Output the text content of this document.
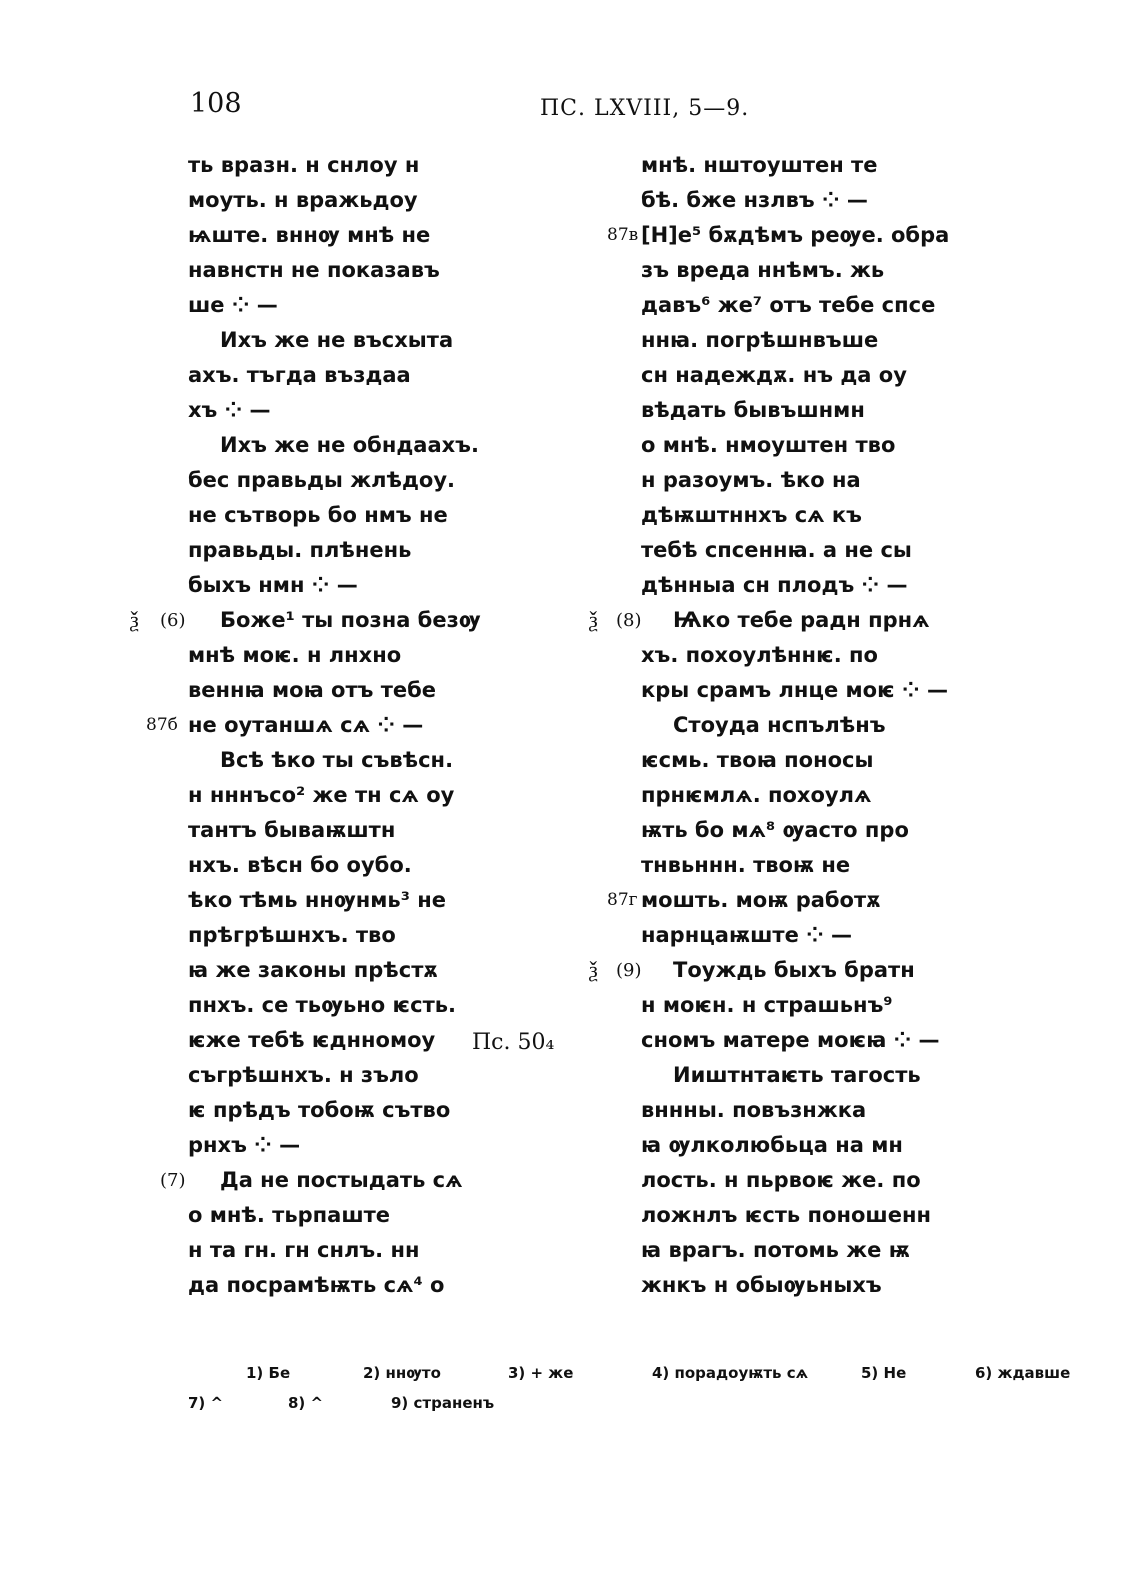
108	ПС. LXVIII, 5—9.
ть вразн. н снлоу н
моуть. н вражьдоу
ѩште. вннѹ мнѣ не
навнстн не показавъ
ше ⁘ —
Ихъ же не въсхыта
ахъ. тъгда въздаа
хъ ⁘ —
Ихъ же не обндаахъ.
бес правьды жлѣдоу.
не сътворь бо нмъ не
правьды. плѣнень
быхъ нмн ⁘ —
Боже¹ ты позна безѹ
ѯ (6)
мнѣ моѥ. н лнхно
веннꙗ моꙗ отъ тебе
не оутаншѧ сѧ ⁘ —
87б
Всѣ ѣко ты съвѣсн.
н нннъсо² же тн сѧ оу
тантъ бываѭштн
нхъ. вѣсн бо оубо.
ѣко тѣмь ннѹнмь³ не
прѣгрѣшнхъ. тво
ꙗ же законы прѣстѫ
пнхъ. се тьѹьно ѥсть.
ѥже тебѣ ѥднномоу
съгрѣшнхъ. н зъло
ѥ прѣдъ тобоѭ сътво
рнхъ ⁘ —
Да не постыдать сѧ
(7)
о мнѣ. тьрпаште
н та гн. гн снлъ. нн
да посрамѣѭть сѧ⁴ о
мнѣ. нштоуштен те
бѣ. бже нзлвъ ⁘ —
[Н]е⁵ бѫдѣмъ реѹе. обра
87в
зъ вреда ннѣмъ. жь
давъ⁶ же⁷ отъ тебе спсе
ннꙗ. погрѣшнвъше
сн надеждѫ. нъ да оу
вѣдать бывъшнмн
о мнѣ. нмоуштен тво
н разоумъ. ѣко на
дѣѭштннхъ сѧ къ
тебѣ спсеннꙗ. а не сы
дѣнныа сн плодъ ⁘ —
Ѩко тебе радн прнѧ
ѯ (8)
хъ. похоулѣннѥ. по
кры срамъ лнце моѥ ⁘ —
Стоуда нспълѣнъ
ѥсмь. твоꙗ поносы
прнѥмлѧ. похоулѧ
ѭть бо мѧ⁸ ѹасто про
тнвьннн. твоѭ не
мошть. моѭ работѫ
87г
нарнцаѭште ⁘ —
Тоуждь быхъ братн
ѯ (9)
н моѥн. н страшьнъ⁹
сномъ матере моѥꙗ ⁘ —
Ииштнтаѥть тагость
вннны. повъзнжка
ꙗ ѹлколюбьца на мн
лость. н пьрвоѥ же. по
ложнлъ ѥсть поношенн
ꙗ врагъ. потомь же ѭ
жнкъ н обыѹьныхъ
Пс. 50₄
1) Бе	2) ннѹто	3) + же	4) порадоуѭть сѧ	5) Не	6) ждавше
7) ^	8) ^	9) страненъ
